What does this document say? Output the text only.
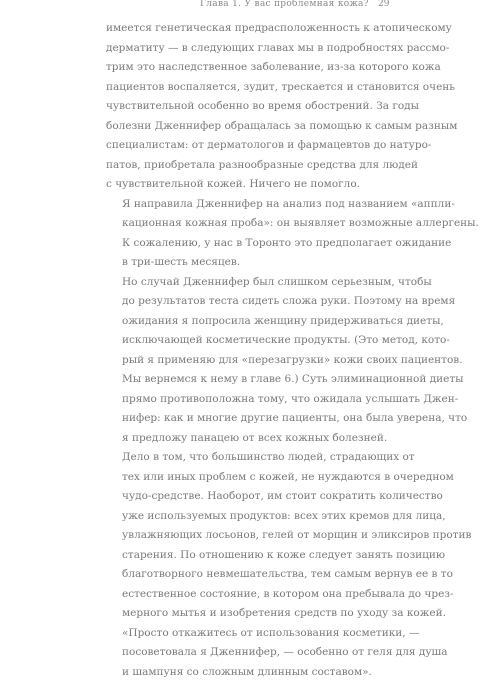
Глава 1. У вас проблемная кожа? 29

имеется генетическая предрасположенность к атопическому
дерматиту — в следующих главах мы в подробностях рассмо-
трим это наследственное заболевание, из-за которого кожа
пациентов воспаляется, зудит, трескается и становится очень
чувствительной особенно во время обострений. За годы
болезни Дженнифер обращалась за помощью к самым разным
специалистам: от дерматологов и фармацевтов до натуро-
патов, приобретала разнообразные средства для людей
с чувствительной кожей. Ничего не помогло.

Я направила Дженнифер на анализ под названием «аппли-
кационная кожная проба»: он выявляет возможные аллергены.
К сожалению, у нас в Торонто это предполагает ожидание
в три-шесть месяцев.

Но случай Дженнифер был слишком серьезным, чтобы
до результатов теста сидеть сложа руки. Поэтому на время
ожидания я попросила женщину придерживаться диеты,
исключающей косметические продукты. (Это метод, кото-
рый я применяю для «перезагрузки» кожи своих пациентов.
Мы вернемся к нему в главе 6.) Суть элиминационной диеты
прямо противоположна тому, что ожидала услышать Джен-
нифер: как и многие другие пациенты, она была уверена, что
я предложу панацею от всех кожных болезней.

Дело в том, что большинство людей, страдающих от
тех или иных проблем с кожей, не нуждаются в очередном
чудо-средстве. Наоборот, им стоит сократить количество
уже используемых продуктов: всех этих кремов для лица,
увлажняющих лосьонов, гелей от морщин и эликсиров против
старения. По отношению к коже следует занять позицию
благотворного невмешательства, тем самым вернув ее в то
естественное состояние, в котором она пребывала до чрез-
мерного мытья и изобретения средств по уходу за кожей.

«Просто откажитесь от использования косметики, —
посоветовала я Дженнифер, — особенно от геля для душа
и шампуня со сложным длинным составом».
